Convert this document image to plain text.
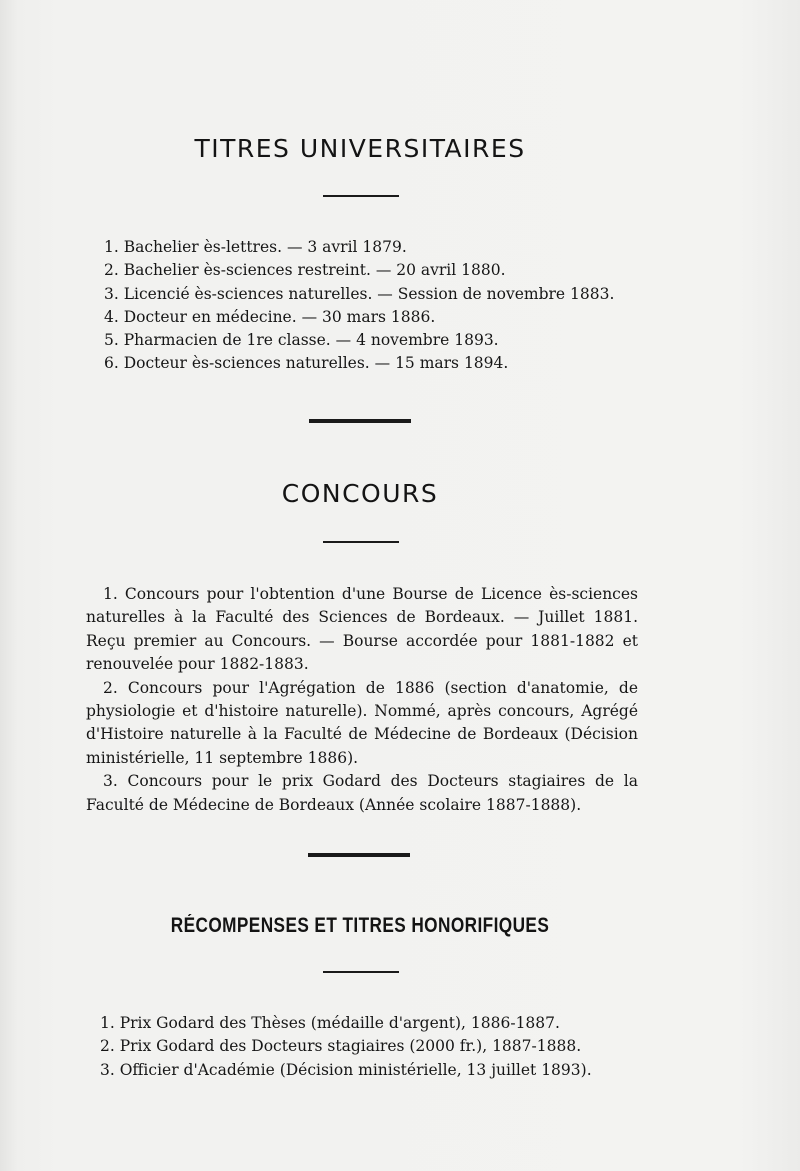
TITRES UNIVERSITAIRES
1. Bachelier ès-lettres. — 3 avril 1879.
2. Bachelier ès-sciences restreint. — 20 avril 1880.
3. Licencié ès-sciences naturelles. — Session de novembre 1883.
4. Docteur en médecine. — 30 mars 1886.
5. Pharmacien de 1re classe. — 4 novembre 1893.
6. Docteur ès-sciences naturelles. — 15 mars 1894.
CONCOURS

1. Concours pour l'obtention d'une Bourse de Licence ès-sciences naturelles à la Faculté des Sciences de Bordeaux. — Juillet 1881. Reçu premier au Concours. — Bourse accordée pour 1881-1882 et renouvelée pour 1882-1883.

2. Concours pour l'Agrégation de 1886 (section d'anatomie, de physiologie et d'histoire naturelle). Nommé, après concours, Agrégé d'Histoire naturelle à la Faculté de Médecine de Bordeaux (Décision ministérielle, 11 septembre 1886).

3. Concours pour le prix Godard des Docteurs stagiaires de la Faculté de Médecine de Bordeaux (Année scolaire 1887-1888).

RÉCOMPENSES ET TITRES HONORIFIQUES
1. Prix Godard des Thèses (médaille d'argent), 1886-1887.
2. Prix Godard des Docteurs stagiaires (2000 fr.), 1887-1888.
3. Officier d'Académie (Décision ministérielle, 13 juillet 1893).
